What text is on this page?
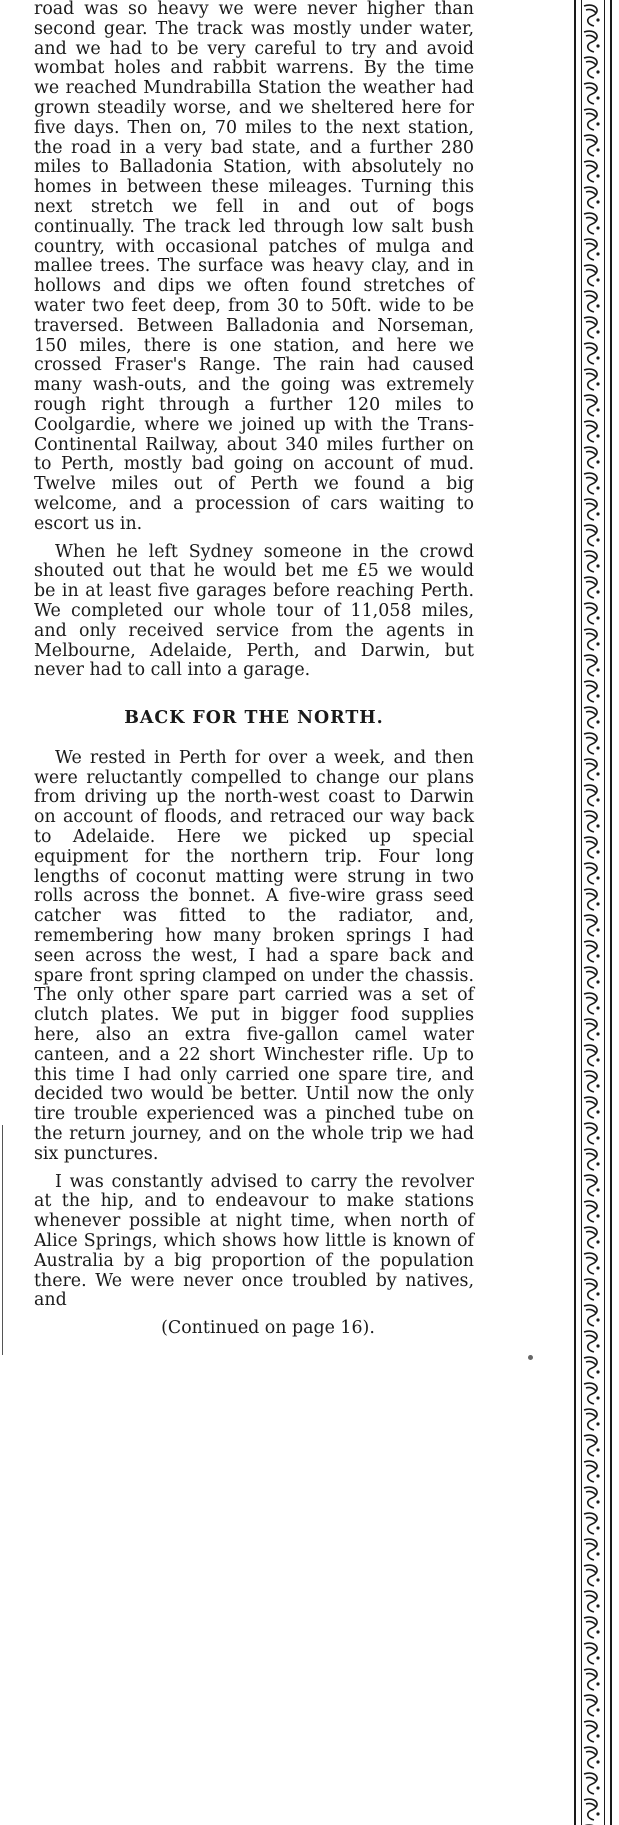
road was so heavy we were never higher than second gear. The track was mostly under water, and we had to be very careful to try and avoid wombat holes and rabbit warrens. By the time we reached Mundrabilla Station the weather had grown steadily worse, and we sheltered here for five days. Then on, 70 miles to the next station, the road in a very bad state, and a further 280 miles to Balladonia Station, with absolutely no homes in between these mileages. Turning this next stretch we fell in and out of bogs continually. The track led through low salt bush country, with occasional patches of mulga and mallee trees. The surface was heavy clay, and in hollows and dips we often found stretches of water two feet deep, from 30 to 50ft. wide to be traversed. Between Balladonia and Norseman, 150 miles, there is one station, and here we crossed Fraser's Range. The rain had caused many wash-outs, and the going was extremely rough right through a further 120 miles to Coolgardie, where we joined up with the Trans-Continental Railway, about 340 miles further on to Perth, mostly bad going on account of mud. Twelve miles out of Perth we found a big welcome, and a procession of cars waiting to escort us in.

When he left Sydney someone in the crowd shouted out that he would bet me £5 we would be in at least five garages before reaching Perth. We completed our whole tour of 11,058 miles, and only received service from the agents in Melbourne, Adelaide, Perth, and Darwin, but never had to call into a garage.

BACK FOR THE NORTH.

We rested in Perth for over a week, and then were reluctantly compelled to change our plans from driving up the north-west coast to Darwin on account of floods, and retraced our way back to Adelaide. Here we picked up special equipment for the northern trip. Four long lengths of coconut matting were strung in two rolls across the bonnet. A five-wire grass seed catcher was fitted to the radiator, and, remembering how many broken springs I had seen across the west, I had a spare back and spare front spring clamped on under the chassis. The only other spare part carried was a set of clutch plates. We put in bigger food supplies here, also an extra five-gallon camel water canteen, and a 22 short Winchester rifle. Up to this time I had only carried one spare tire, and decided two would be better. Until now the only tire trouble experienced was a pinched tube on the return journey, and on the whole trip we had six punctures.

I was constantly advised to carry the revolver at the hip, and to endeavour to make stations whenever possible at night time, when north of Alice Springs, which shows how little is known of Australia by a big proportion of the population there. We were never once troubled by natives, and

(Continued on page 16).
